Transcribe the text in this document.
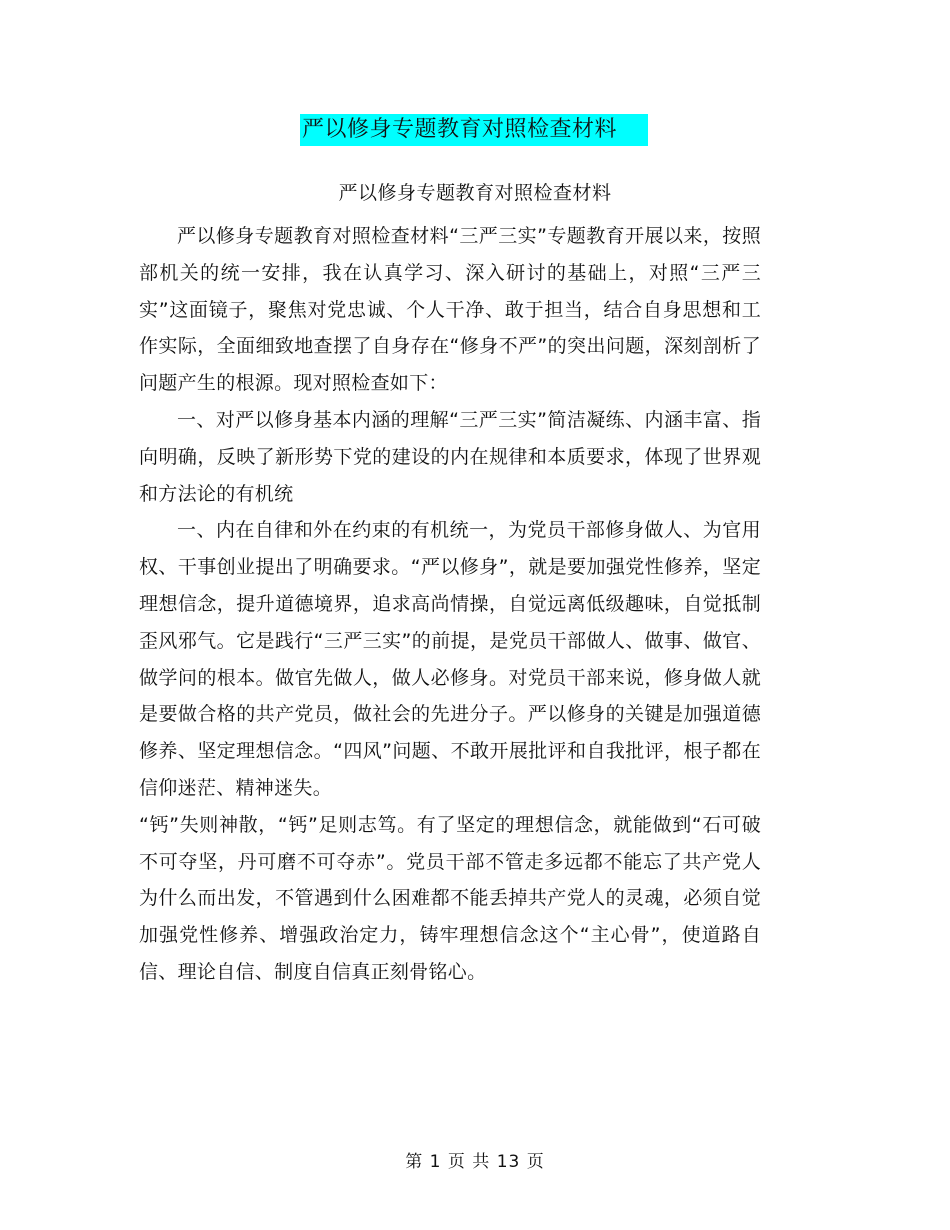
严以修身专题教育对照检查材料
严以修身专题教育对照检查材料

严以修身专题教育对照检查材料“三严三实”专题教育开展以来，按照部机关的统一安排，我在认真学习、深入研讨的基础上，对照“三严三实”这面镜子，聚焦对党忠诚、个人干净、敢于担当，结合自身思想和工作实际，全面细致地查摆了自身存在“修身不严”的突出问题，深刻剖析了问题产生的根源。现对照检查如下：

一、对严以修身基本内涵的理解“三严三实”简洁凝练、内涵丰富、指向明确，反映了新形势下党的建设的内在规律和本质要求，体现了世界观和方法论的有机统

一、内在自律和外在约束的有机统一，为党员干部修身做人、为官用权、干事创业提出了明确要求。“严以修身”，就是要加强党性修养，坚定理想信念，提升道德境界，追求高尚情操，自觉远离低级趣味，自觉抵制歪风邪气。它是践行“三严三实”的前提，是党员干部做人、做事、做官、做学问的根本。做官先做人，做人必修身。对党员干部来说，修身做人就是要做合格的共产党员，做社会的先进分子。严以修身的关键是加强道德修养、坚定理想信念。“四风”问题、不敢开展批评和自我批评，根子都在信仰迷茫、精神迷失。

“钙”失则神散，“钙”足则志笃。有了坚定的理想信念，就能做到“石可破不可夺坚，丹可磨不可夺赤”。党员干部不管走多远都不能忘了共产党人为什么而出发，不管遇到什么困难都不能丢掉共产党人的灵魂，必须自觉加强党性修养、增强政治定力，铸牢理想信念这个“主心骨”，使道路自信、理论自信、制度自信真正刻骨铭心。

第 1 页 共 13 页
